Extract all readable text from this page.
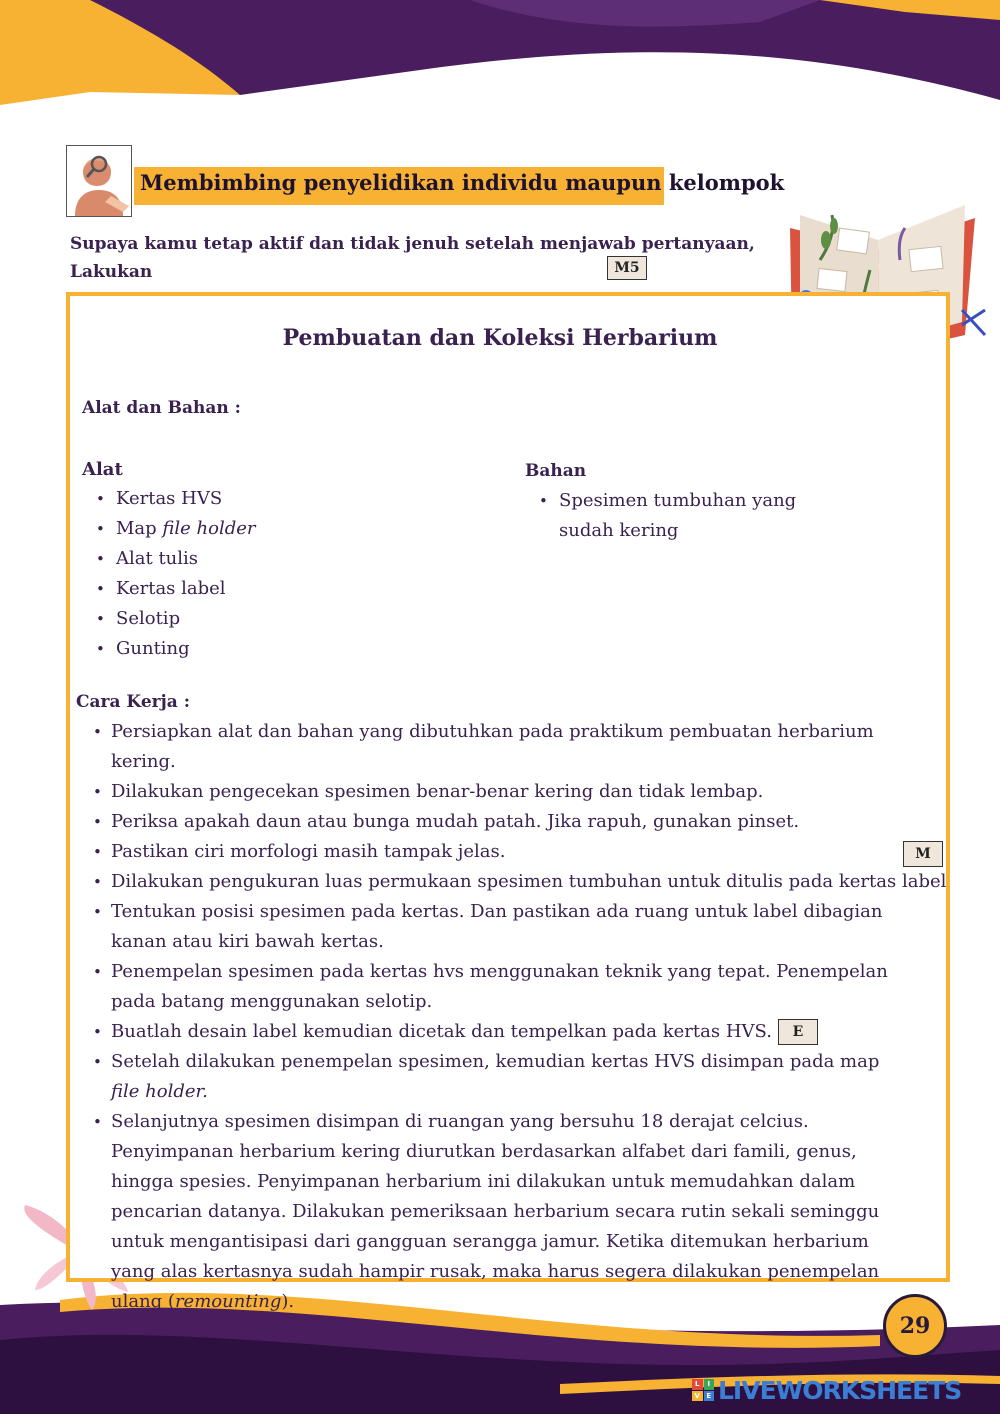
Membimbing penyelidikan individu maupun kelompok
Supaya kamu tetap aktif dan tidak jenuh setelah menjawab pertanyaan, Lakukan	M5
Pembuatan dan Koleksi Herbarium
Alat dan Bahan :
Alat
• Kertas HVS
• Map file holder
• Alat tulis
• Kertas label
• Selotip
• Gunting
Bahan
• Spesimen tumbuhan yang sudah kering
Cara Kerja :
• Persiapkan alat dan bahan yang dibutuhkan pada praktikum pembuatan herbarium kering.
• Dilakukan pengecekan spesimen benar-benar kering dan tidak lembap.
• Periksa apakah daun atau bunga mudah patah. Jika rapuh, gunakan pinset.
• Pastikan ciri morfologi masih tampak jelas.
• Dilakukan pengukuran luas permukaan spesimen tumbuhan untuk ditulis pada kertas label
• Tentukan posisi spesimen pada kertas. Dan pastikan ada ruang untuk label dibagian kanan atau kiri bawah kertas.
• Penempelan spesimen pada kertas hvs menggunakan teknik yang tepat. Penempelan pada batang menggunakan selotip.
• Buatlah desain label kemudian dicetak dan tempelkan pada kertas HVS. E
• Setelah dilakukan penempelan spesimen, kemudian kertas HVS disimpan pada map file holder.
• Selanjutnya spesimen disimpan di ruangan yang bersuhu 18 derajat celcius. Penyimpanan herbarium kering diurutkan berdasarkan alfabet dari famili, genus, hingga spesies. Penyimpanan herbarium ini dilakukan untuk memudahkan dalam pencarian datanya. Dilakukan pemeriksaan herbarium secara rutin sekali seminggu untuk mengantisipasi dari gangguan serangga jamur. Ketika ditemukan herbarium yang alas kertasnya sudah hampir rusak, maka harus segera dilakukan penempelan ulang (remounting).
M
29
L	I
V E LIVEWORKSHEETS
